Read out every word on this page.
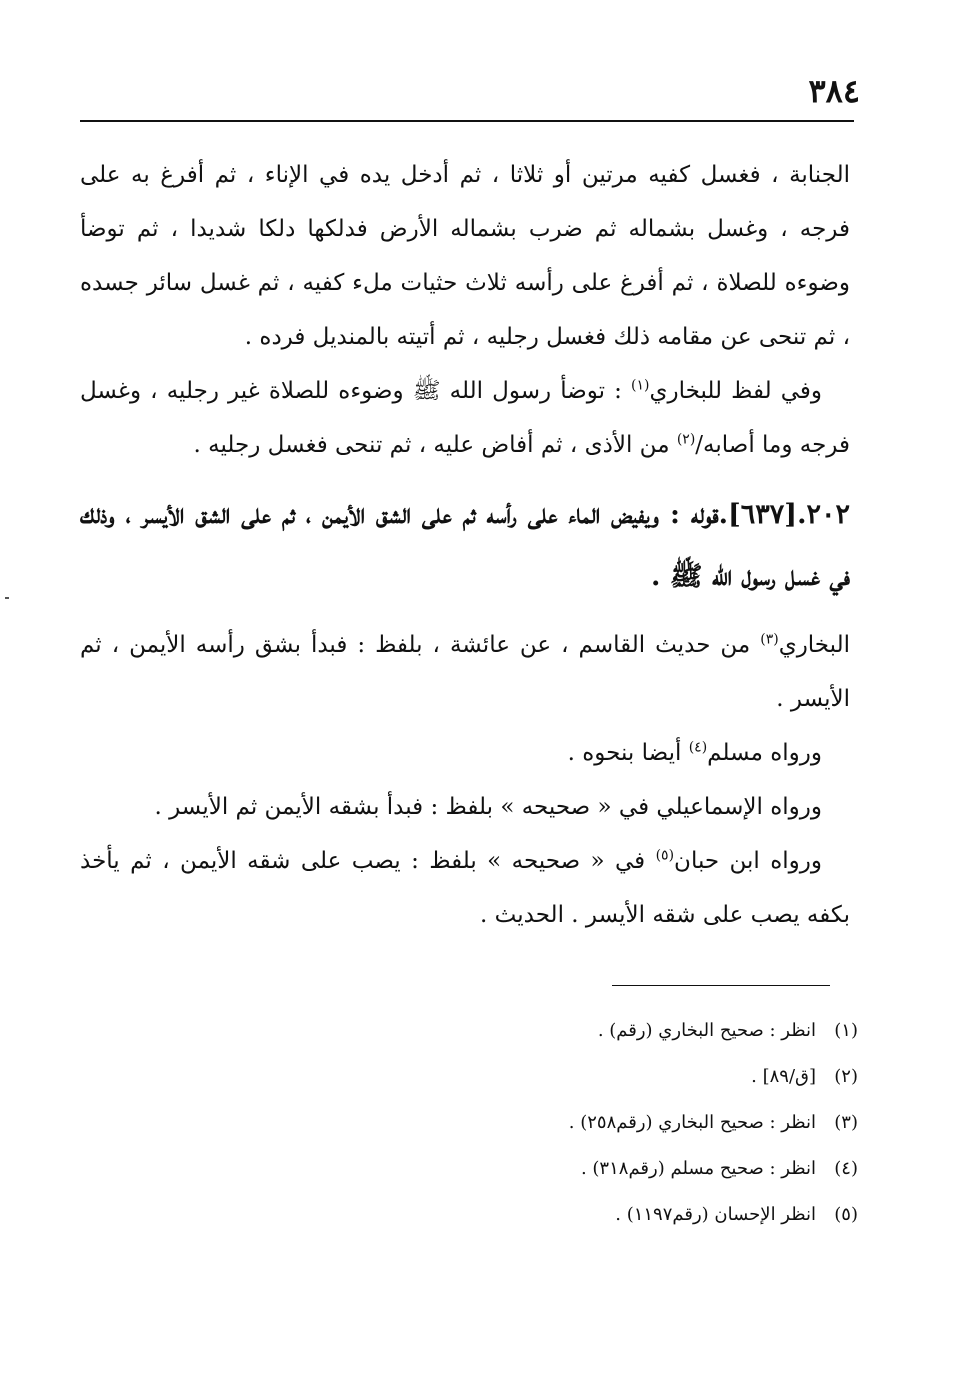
٣٨٤

الجنابة ، فغسل كفيه مرتين أو ثلاثا ، ثم أدخل يده في الإناء ، ثم أفرغ به على فرجه ، وغسل بشماله ثم ضرب بشماله الأرض فدلكها دلكا شديدا ، ثم توضأ وضوءه للصلاة ، ثم أفرغ على رأسه ثلاث حثيات ملء كفيه ، ثم غسل سائر جسده ، ثم تنحى عن مقامه ذلك فغسل رجليه ، ثم أتيته بالمنديل فرده .

وفي لفظ للبخاري$^{(١)}$ : توضأ رسول الله ﷺ وضوءه للصلاة غير رجليه ، وغسل فرجه وما أصابه/$^{(٢)}$ من الأذى ، ثم أفاض عليه ، ثم تنحى فغسل رجليه .

٢٠٢.[٦٣٧].قوله : ويفيض الماء على رأسه ثم على الشق الأيمن ، ثم على الشق الأيسر ، وذلك في غسل رسول الله ﷺ .

البخاري$^{(٣)}$ من حديث القاسم ، عن عائشة ، بلفظ : فبدأ بشق رأسه الأيمن ، ثم الأيسر .

ورواه مسلم$^{(٤)}$ أيضا بنحوه .

ورواه الإسماعيلي في « صحيحه » بلفظ : فبدأ بشقه الأيمن ثم الأيسر .

ورواه ابن حبان$^{(٥)}$ في « صحيحه » بلفظ : يصب على شقه الأيمن ، ثم يأخذ بكفه يصب على شقه الأيسر . الحديث .

(١)انظر : صحيح البخاري (رقم) .

(٢)[ق/٨٩] .

(٣)انظر : صحيح البخاري (رقم٢٥٨) .

(٤)انظر : صحيح مسلم (رقم٣١٨) .

(٥)انظر الإحسان (رقم١١٩٧) .
